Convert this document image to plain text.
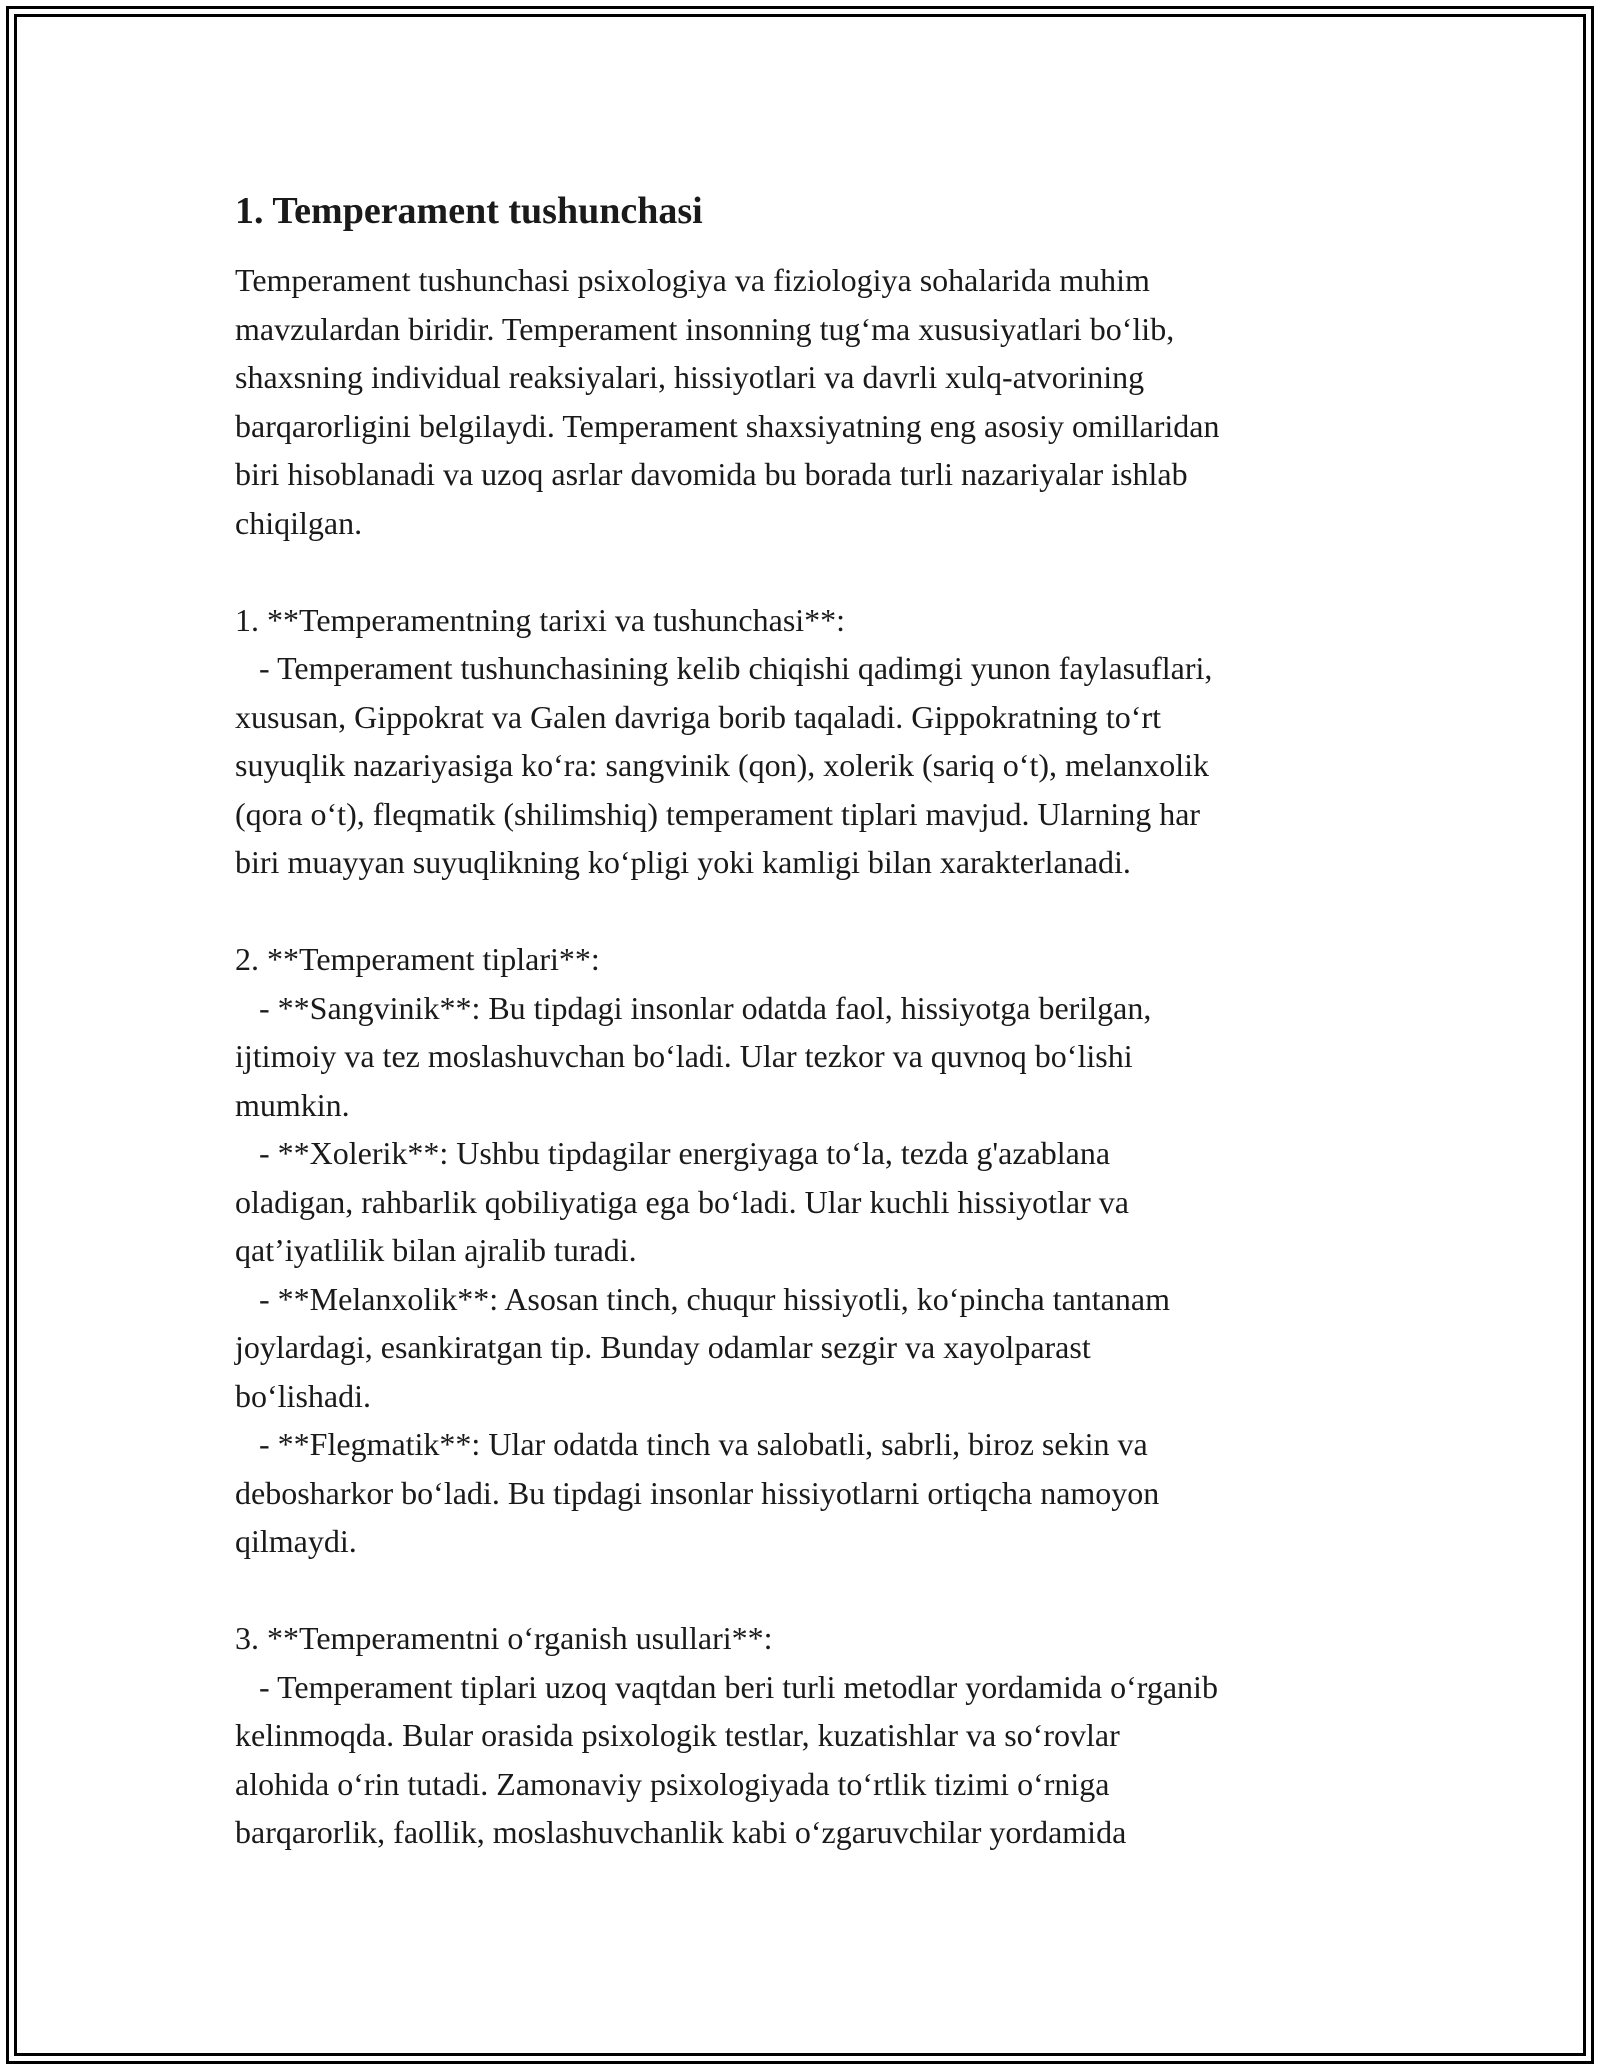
1. Temperament tushunchasi
Temperament tushunchasi psixologiya va fiziologiya sohalarida muhim
mavzulardan biridir. Temperament insonning tug‘ma xususiyatlari bo‘lib,
shaxsning individual reaksiyalari, hissiyotlari va davrli xulq-atvorining
barqarorligini belgilaydi. Temperament shaxsiyatning eng asosiy omillaridan
biri hisoblanadi va uzoq asrlar davomida bu borada turli nazariyalar ishlab
chiqilgan.
1. **Temperamentning tarixi va tushunchasi**:
- Temperament tushunchasining kelib chiqishi qadimgi yunon faylasuflari,
xususan, Gippokrat va Galen davriga borib taqaladi. Gippokratning to‘rt
suyuqlik nazariyasiga ko‘ra: sangvinik (qon), xolerik (sariq o‘t), melanxolik
(qora o‘t), fleqmatik (shilimshiq) temperament tiplari mavjud. Ularning har
biri muayyan suyuqlikning ko‘pligi yoki kamligi bilan xarakterlanadi.
2. **Temperament tiplari**:
- **Sangvinik**: Bu tipdagi insonlar odatda faol, hissiyotga berilgan,
ijtimoiy va tez moslashuvchan bo‘ladi. Ular tezkor va quvnoq bo‘lishi
mumkin.
- **Xolerik**: Ushbu tipdagilar energiyaga to‘la, tezda g'azablana
oladigan, rahbarlik qobiliyatiga ega bo‘ladi. Ular kuchli hissiyotlar va
qat’iyatlilik bilan ajralib turadi.
- **Melanxolik**: Asosan tinch, chuqur hissiyotli, ko‘pincha tantanam
joylardagi, esankiratgan tip. Bunday odamlar sezgir va xayolparast
bo‘lishadi.
- **Flegmatik**: Ular odatda tinch va salobatli, sabrli, biroz sekin va
debosharkor bo‘ladi. Bu tipdagi insonlar hissiyotlarni ortiqcha namoyon
qilmaydi.
3. **Temperamentni o‘rganish usullari**:
- Temperament tiplari uzoq vaqtdan beri turli metodlar yordamida o‘rganib
kelinmoqda. Bular orasida psixologik testlar, kuzatishlar va so‘rovlar
alohida o‘rin tutadi. Zamonaviy psixologiyada to‘rtlik tizimi o‘rniga
barqarorlik, faollik, moslashuvchanlik kabi o‘zgaruvchilar yordamida
